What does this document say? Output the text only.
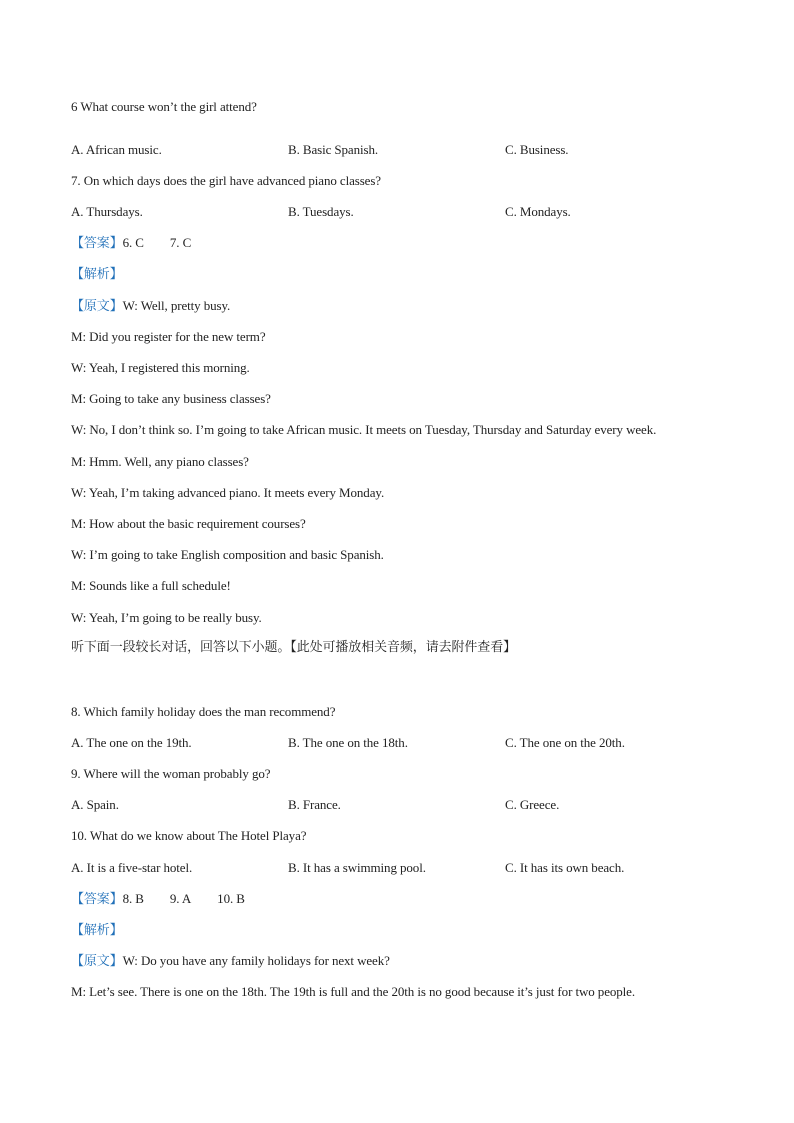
6 What course won’t the girl attend?
A. African music.	B. Basic Spanish.	C. Business.
7. On which days does the girl have advanced piano classes?
A. Thursdays.	B. Tuesdays.	C. Mondays.
【答案】6. C 7. C
【解析】
【原文】W: Well, pretty busy.
M: Did you register for the new term?
W: Yeah, I registered this morning.
M: Going to take any business classes?
W: No, I don’t think so. I’m going to take African music. It meets on Tuesday, Thursday and Saturday every week.
M: Hmm. Well, any piano classes?
W: Yeah, I’m taking advanced piano. It meets every Monday.
M: How about the basic requirement courses?
W: I’m going to take English composition and basic Spanish.
M: Sounds like a full schedule!
W: Yeah, I’m going to be really busy.
听下面一段较长对话，回答以下小题。【此处可播放相关音频，请去附件查看】
8. Which family holiday does the man recommend?
A. The one on the 19th.	B. The one on the 18th.	C. The one on the 20th.
9. Where will the woman probably go?
A. Spain.	B. France.	C. Greece.
10. What do we know about The Hotel Playa?
A. It is a five-star hotel.	B. It has a swimming pool.	C. It has its own beach.
【答案】8. B 9. A 10. B
【解析】
【原文】W: Do you have any family holidays for next week?
M: Let’s see. There is one on the 18th. The 19th is full and the 20th is no good because it’s just for two people.
